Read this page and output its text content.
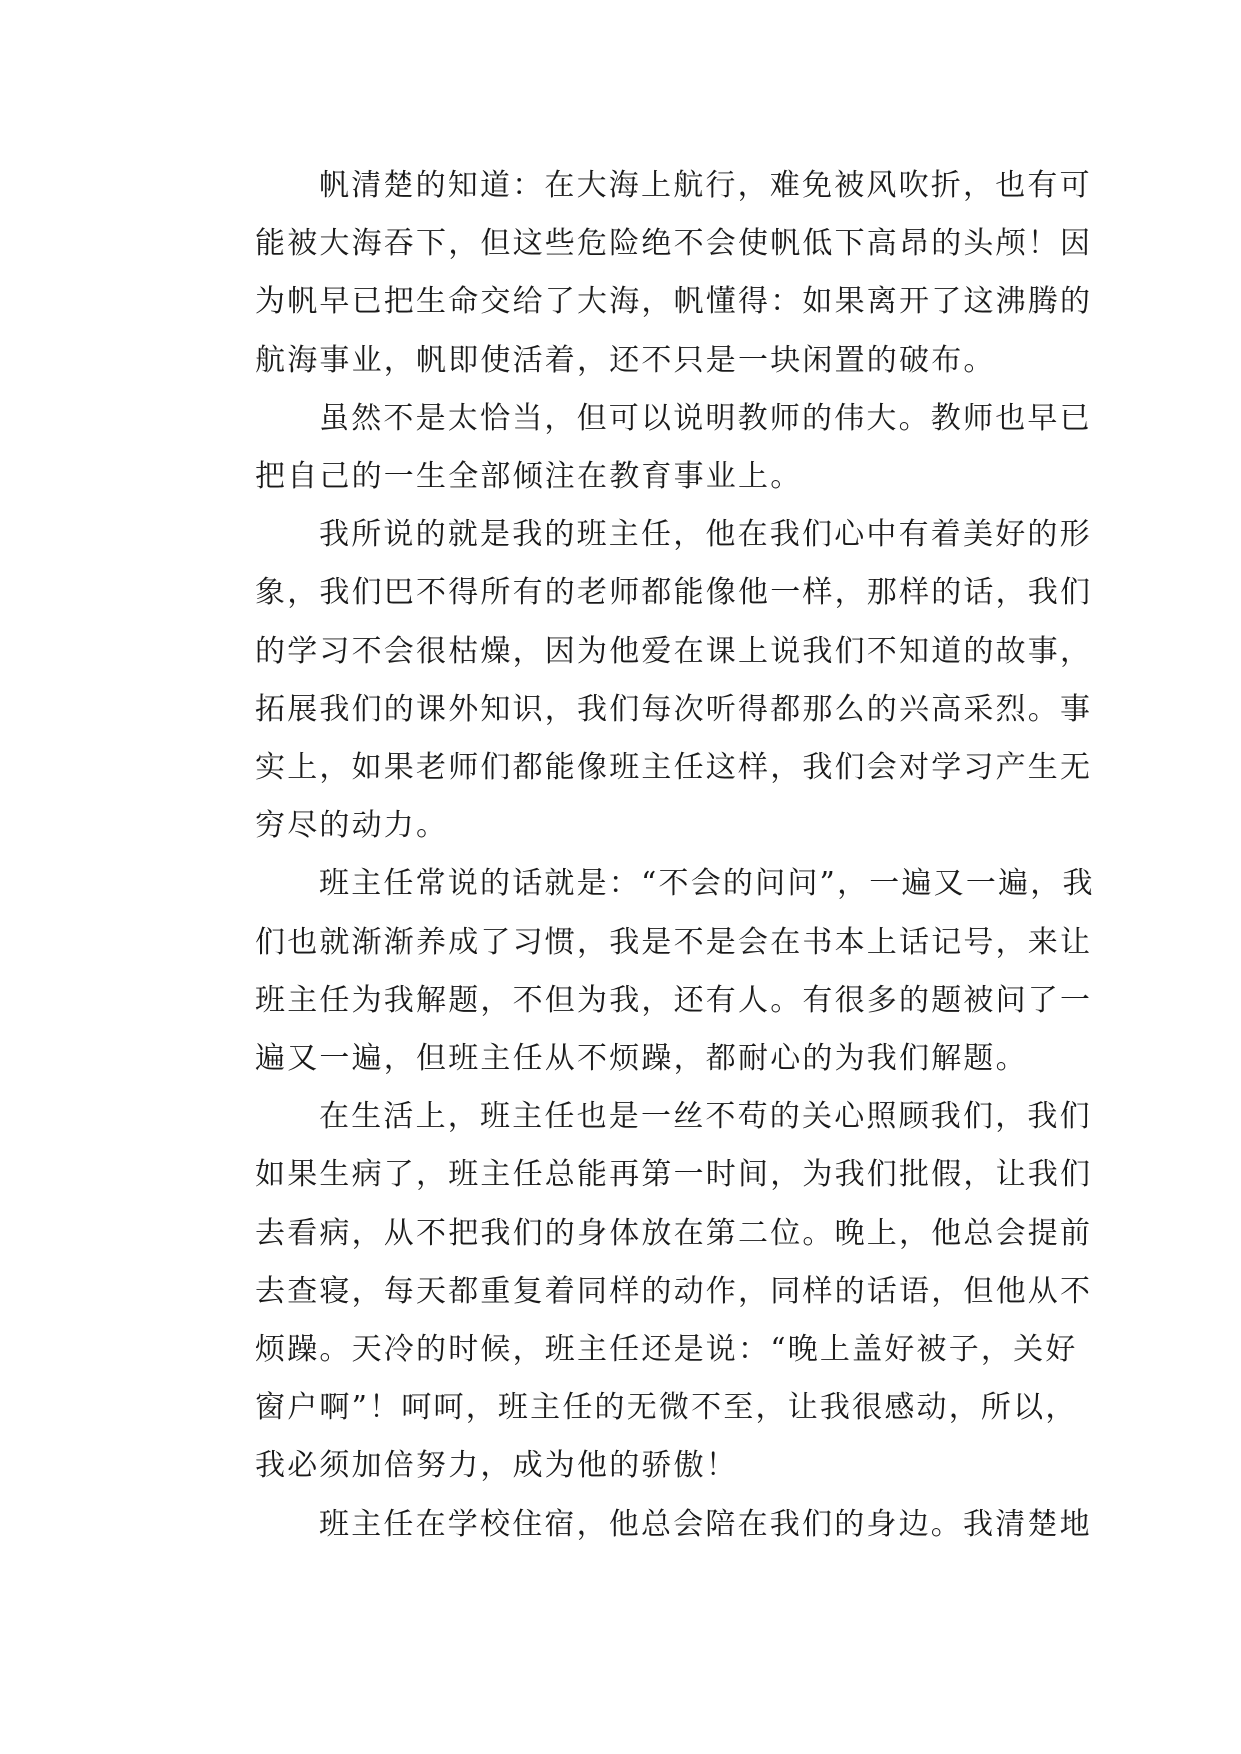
帆清楚的知道：在大海上航行，难免被风吹折，也有可
能被大海吞下，但这些危险绝不会使帆低下高昂的头颅！因
为帆早已把生命交给了大海，帆懂得：如果离开了这沸腾的
航海事业，帆即使活着，还不只是一块闲置的破布。
虽然不是太恰当，但可以说明教师的伟大。教师也早已
把自己的一生全部倾注在教育事业上。
我所说的就是我的班主任，他在我们心中有着美好的形
象，我们巴不得所有的老师都能像他一样，那样的话，我们
的学习不会很枯燥，因为他爱在课上说我们不知道的故事，
拓展我们的课外知识，我们每次听得都那么的兴高采烈。事
实上，如果老师们都能像班主任这样，我们会对学习产生无
穷尽的动力。
班主任常说的话就是：“不会的问问”，一遍又一遍，我
们也就渐渐养成了习惯，我是不是会在书本上话记号，来让
班主任为我解题，不但为我，还有人。有很多的题被问了一
遍又一遍，但班主任从不烦躁，都耐心的为我们解题。
在生活上，班主任也是一丝不苟的关心照顾我们，我们
如果生病了，班主任总能再第一时间，为我们批假，让我们
去看病，从不把我们的身体放在第二位。晚上，他总会提前
去查寝，每天都重复着同样的动作，同样的话语，但他从不
烦躁。天冷的时候，班主任还是说：“晚上盖好被子，关好
窗户啊”！呵呵，班主任的无微不至，让我很感动，所以，
我必须加倍努力，成为他的骄傲！
班主任在学校住宿，他总会陪在我们的身边。我清楚地
